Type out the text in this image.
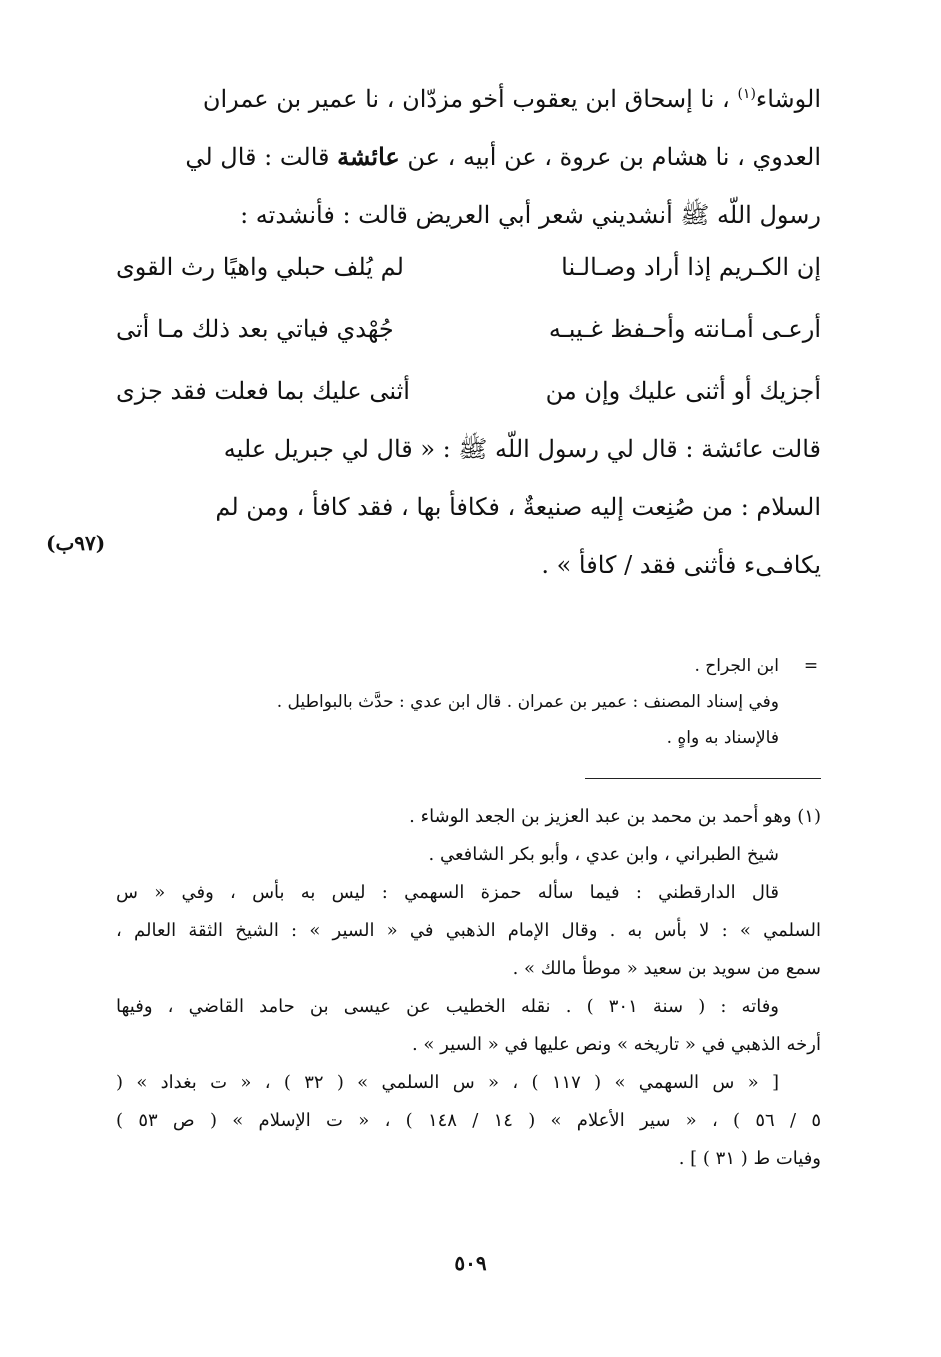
الوشاء$^{(١)}$ ، نا إسحاق ابن يعقوب أخو مزدّان ، نا عمير بن عمران
العدوي ، نا هشام بن عروة ، عن أبيه ، عن عائشة قالت : قال لي
رسول اللّه ﷺ أنشديني شعر أبي العريض قالت : فأنشدته :
إن الكـريم إذا أراد وصـالـنا
لم يُلف حبلي واهيًا رث القوى
أرعـى أمـانته وأحـفظ غـيبـه
جُهْدي فياتي بعد ذلك مـا أتى
أجزيك أو أثنى عليك وإن من
أثنى عليك بما فعلت فقد جزى
قالت عائشة : قال لي رسول اللّه ﷺ : « قال لي جبريل عليه
السلام : من صُنِعت إليه صنيعةٌ ، فكافأ بها ، فقد كافأ ، ومن لم
يكافـىء فأثنى فقد / كافأ » .
(٩٧ب)
=
ابن الجراح .
وفي إسناد المصنف : عمير بن عمران . قال ابن عدي : حدَّث بالبواطيل .
فالإسناد به واهٍ .
(١) وهو أحمد بن محمد بن عبد العزيز بن الجعد الوشاء .
شيخ الطبراني ، وابن عدي ، وأبو بكر الشافعي .
قال الدارقطني : فيما سأله حمزة السهمي : ليس به بأس ، وفي « س
السلمي » : لا بأس به . وقال الإمام الذهبي في « السير » : الشيخ الثقة العالم ،
سمع من سويد بن سعيد « موطأ مالك » .
وفاته : ( سنة ٣٠١ ) . نقله الخطيب عن عيسى بن حامد القاضي ، وفيها
أرخه الذهبي في « تاريخه » ونص عليها في « السير » .
[ « س السهمي » ( ١١٧ ) ، « س السلمي » ( ٣٢ ) ، « ت بغداد » (
٥ / ٥٦ ) ، « سير الأعلام » ( ١٤ / ١٤٨ ) ، « ت الإسلام » ( ص ٥٣ )
وفيات ط ( ٣١ ) ] .
٥٠٩
